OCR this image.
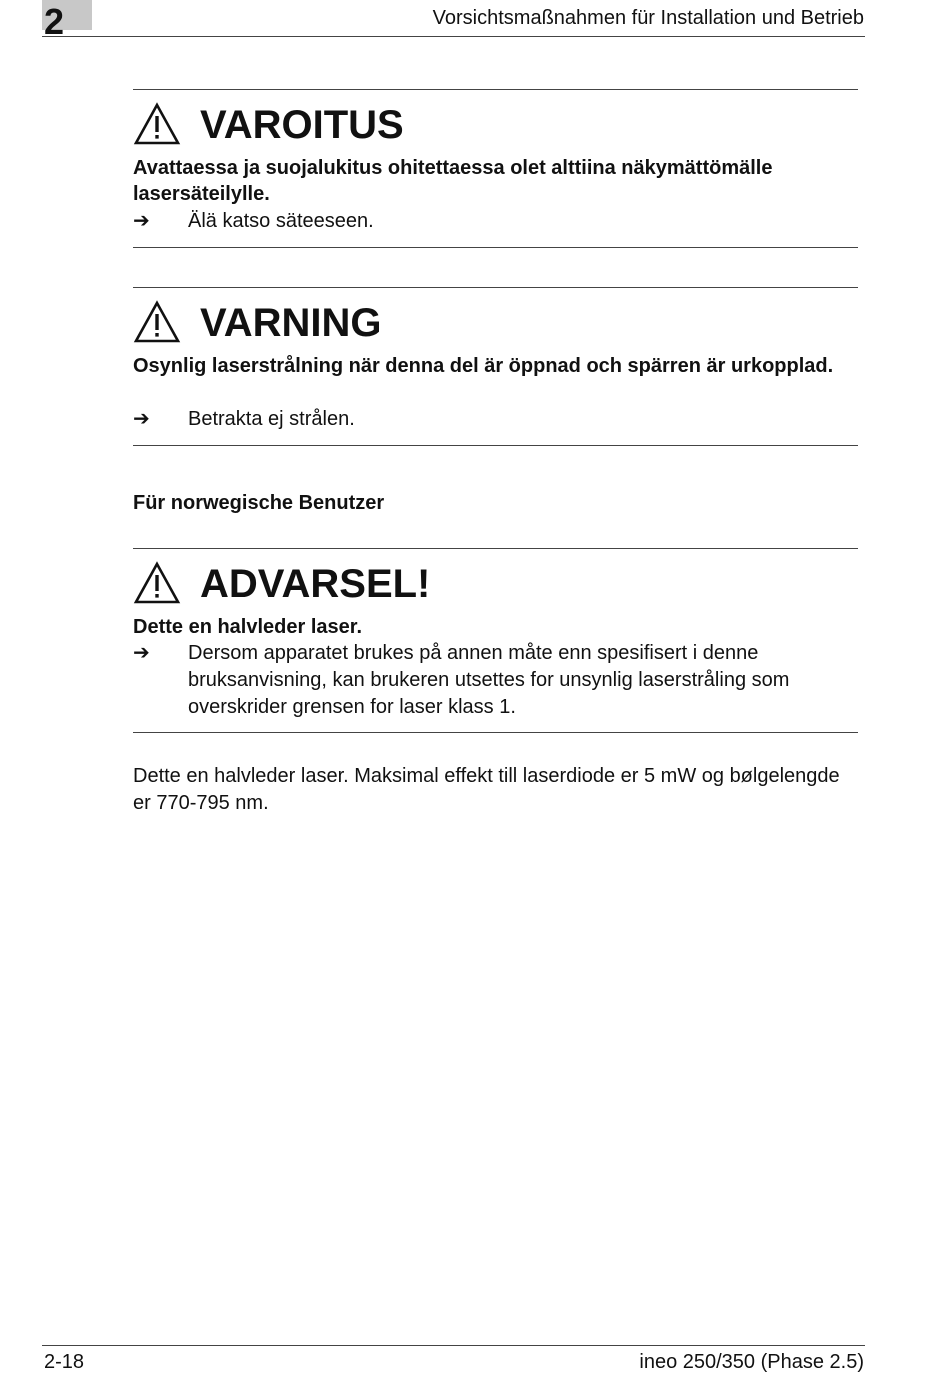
2	Vorsichtsmaßnahmen für Installation und Betrieb
VAROITUS
Avattaessa ja suojalukitus ohitettaessa olet alttiina näkymättömälle lasersäteilylle.
➔	Älä katso säteeseen.
VARNING
Osynlig laserstrålning när denna del är öppnad och spärren är urkopplad.
➔	Betrakta ej strålen.
Für norwegische Benutzer
ADVARSEL!
Dette en halvleder laser.
➔	Dersom apparatet brukes på annen måte enn spesifisert i denne bruksanvisning, kan brukeren utsettes for unsynlig laserstråling som overskrider grensen for laser klass 1.
Dette en halvleder laser. Maksimal effekt till laserdiode er 5 mW og bølgelengde er 770-795 nm.
2-18	ineo 250/350 (Phase 2.5)
